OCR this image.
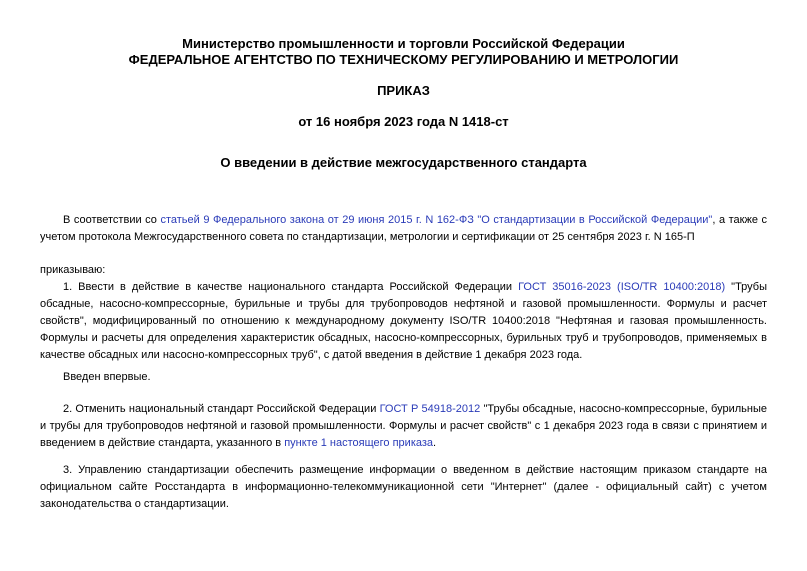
Министерство промышленности и торговли Российской Федерации
ФЕДЕРАЛЬНОЕ АГЕНТСТВО ПО ТЕХНИЧЕСКОМУ РЕГУЛИРОВАНИЮ И МЕТРОЛОГИИ
ПРИКАЗ
от 16 ноября 2023 года N 1418-ст
О введении в действие межгосударственного стандарта

В соответствии со статьей 9 Федерального закона от 29 июня 2015 г. N 162-ФЗ "О стандартизации в Российской Федерации", а также с учетом протокола Межгосударственного совета по стандартизации, метрологии и сертификации от 25 сентября 2023 г. N 165-П

приказываю:

1. Ввести в действие в качестве национального стандарта Российской Федерации ГОСТ 35016-2023 (ISO/TR 10400:2018) "Трубы обсадные, насосно-компрессорные, бурильные и трубы для трубопроводов нефтяной и газовой промышленности. Формулы и расчет свойств", модифицированный по отношению к международному документу ISO/TR 10400:2018 "Нефтяная и газовая промышленность. Формулы и расчеты для определения характеристик обсадных, насосно-компрессорных, бурильных труб и трубопроводов, применяемых в качестве обсадных или насосно-компрессорных труб", с датой введения в действие 1 декабря 2023 года.

Введен впервые.

2. Отменить национальный стандарт Российской Федерации ГОСТ Р 54918-2012 "Трубы обсадные, насосно-компрессорные, бурильные и трубы для трубопроводов нефтяной и газовой промышленности. Формулы и расчет свойств" с 1 декабря 2023 года в связи с принятием и введением в действие стандарта, указанного в пункте 1 настоящего приказа.

3. Управлению стандартизации обеспечить размещение информации о введенном в действие настоящим приказом стандарте на официальном сайте Росстандарта в информационно-телекоммуникационной сети "Интернет" (далее - официальный сайт) с учетом законодательства о стандартизации.
